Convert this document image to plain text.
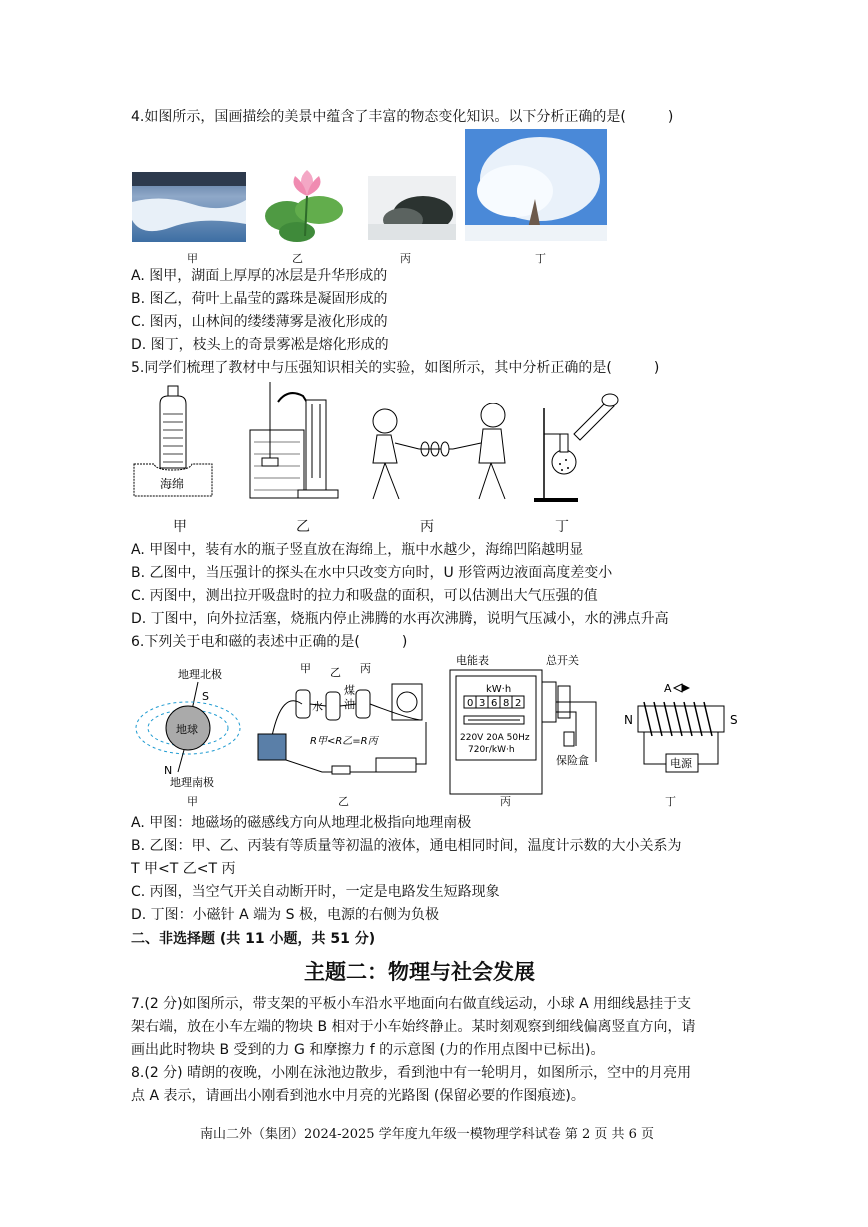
4.如图所示，国画描绘的美景中蕴含了丰富的物态变化知识。以下分析正确的是(　　　)
甲	乙	丙	丁
A. 图甲，湖面上厚厚的冰层是升华形成的
B. 图乙，荷叶上晶莹的露珠是凝固形成的
C. 图丙，山林间的缕缕薄雾是液化形成的
D. 图丁，枝头上的奇景雾凇是熔化形成的
5.同学们梳理了教材中与压强知识相关的实验，如图所示，其中分析正确的是(　　　)
海绵
甲	乙	丙	丁
A. 甲图中，装有水的瓶子竖直放在海绵上，瓶中水越少，海绵凹陷越明显
B. 乙图中，当压强计的探头在水中只改变方向时，U 形管两边液面高度差变小
C. 丙图中，测出拉开吸盘时的拉力和吸盘的面积，可以估测出大气压强的值
D. 丁图中，向外拉活塞，烧瓶内停止沸腾的水再次沸腾，说明气压减小，水的沸点升高
6.下列关于电和磁的表述中正确的是(　　　)
地理北极
S
地球
N
地理南极
甲 乙 丙
水
煤
油
R甲<R乙=R丙
电能表	总开关
kW·h
0 3 6 8 2
220V 20A 50Hz
720r/kW·h
保险盒
A
N	S
电源
甲	乙	丙	丁
A. 甲图：地磁场的磁感线方向从地理北极指向地理南极
B. 乙图：甲、乙、丙装有等质量等初温的液体，通电相同时间，温度计示数的大小关系为
T 甲<T 乙<T 丙
C. 丙图，当空气开关自动断开时，一定是电路发生短路现象
D. 丁图：小磁针 A 端为 S 极，电源的右侧为负极
二、非选择题 (共 11 小题，共 51 分)
主题二：物理与社会发展
7.(2 分)如图所示，带支架的平板小车沿水平地面向右做直线运动，小球 A 用细线悬挂于支
架右端，放在小车左端的物块 B 相对于小车始终静止。某时刻观察到细线偏离竖直方向，请
画出此时物块 B 受到的力 G 和摩擦力 f 的示意图 (力的作用点图中已标出)。
8.(2 分) 晴朗的夜晚，小刚在泳池边散步，看到池中有一轮明月，如图所示，空中的月亮用
点 A 表示，请画出小刚看到池水中月亮的光路图 (保留必要的作图痕迹)。
南山二外（集团）2024-2025 学年度九年级一模物理学科试卷 第 2 页 共 6 页
